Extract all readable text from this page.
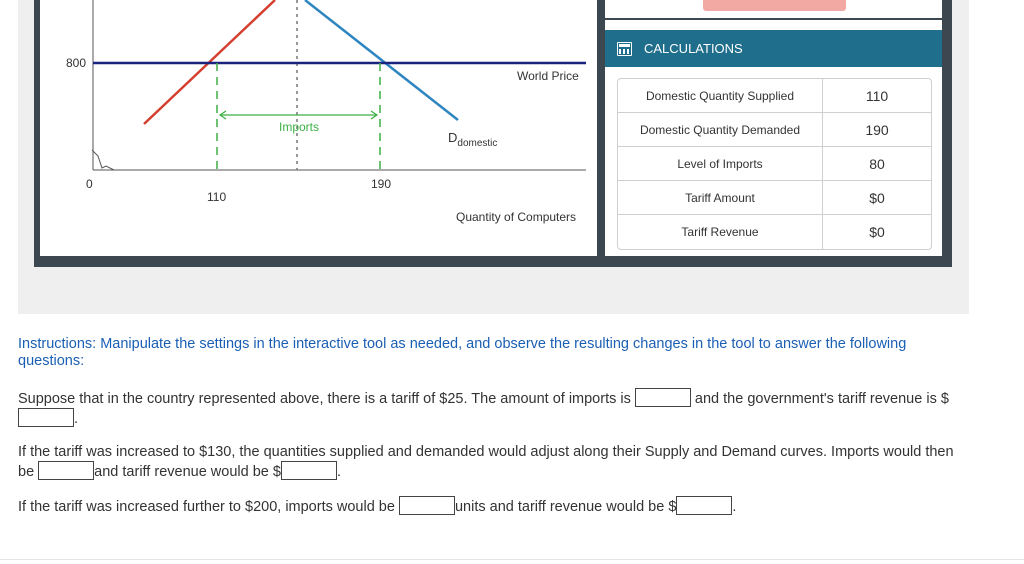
800
0
110
190
World Price
Imports
$D_{domestic}$
Quantity of Computers
CALCULATIONS
Domestic Quantity Supplied	110
Domestic Quantity Demanded	190
Level of Imports	80
Tariff Amount	$0
Tariff Revenue	$0
Instructions: Manipulate the settings in the interactive tool as needed, and observe the resulting changes in the tool to answer the following questions:
Suppose that in the country represented above, there is a tariff of $25. The amount of imports is	and the government's tariff revenue is $.
If the tariff was increased to $130, the quantities supplied and demanded would adjust along their Supply and Demand curves. Imports would then be	and tariff revenue would be $	.
If the tariff was increased further to $200, imports would be	units and tariff revenue would be $	.
